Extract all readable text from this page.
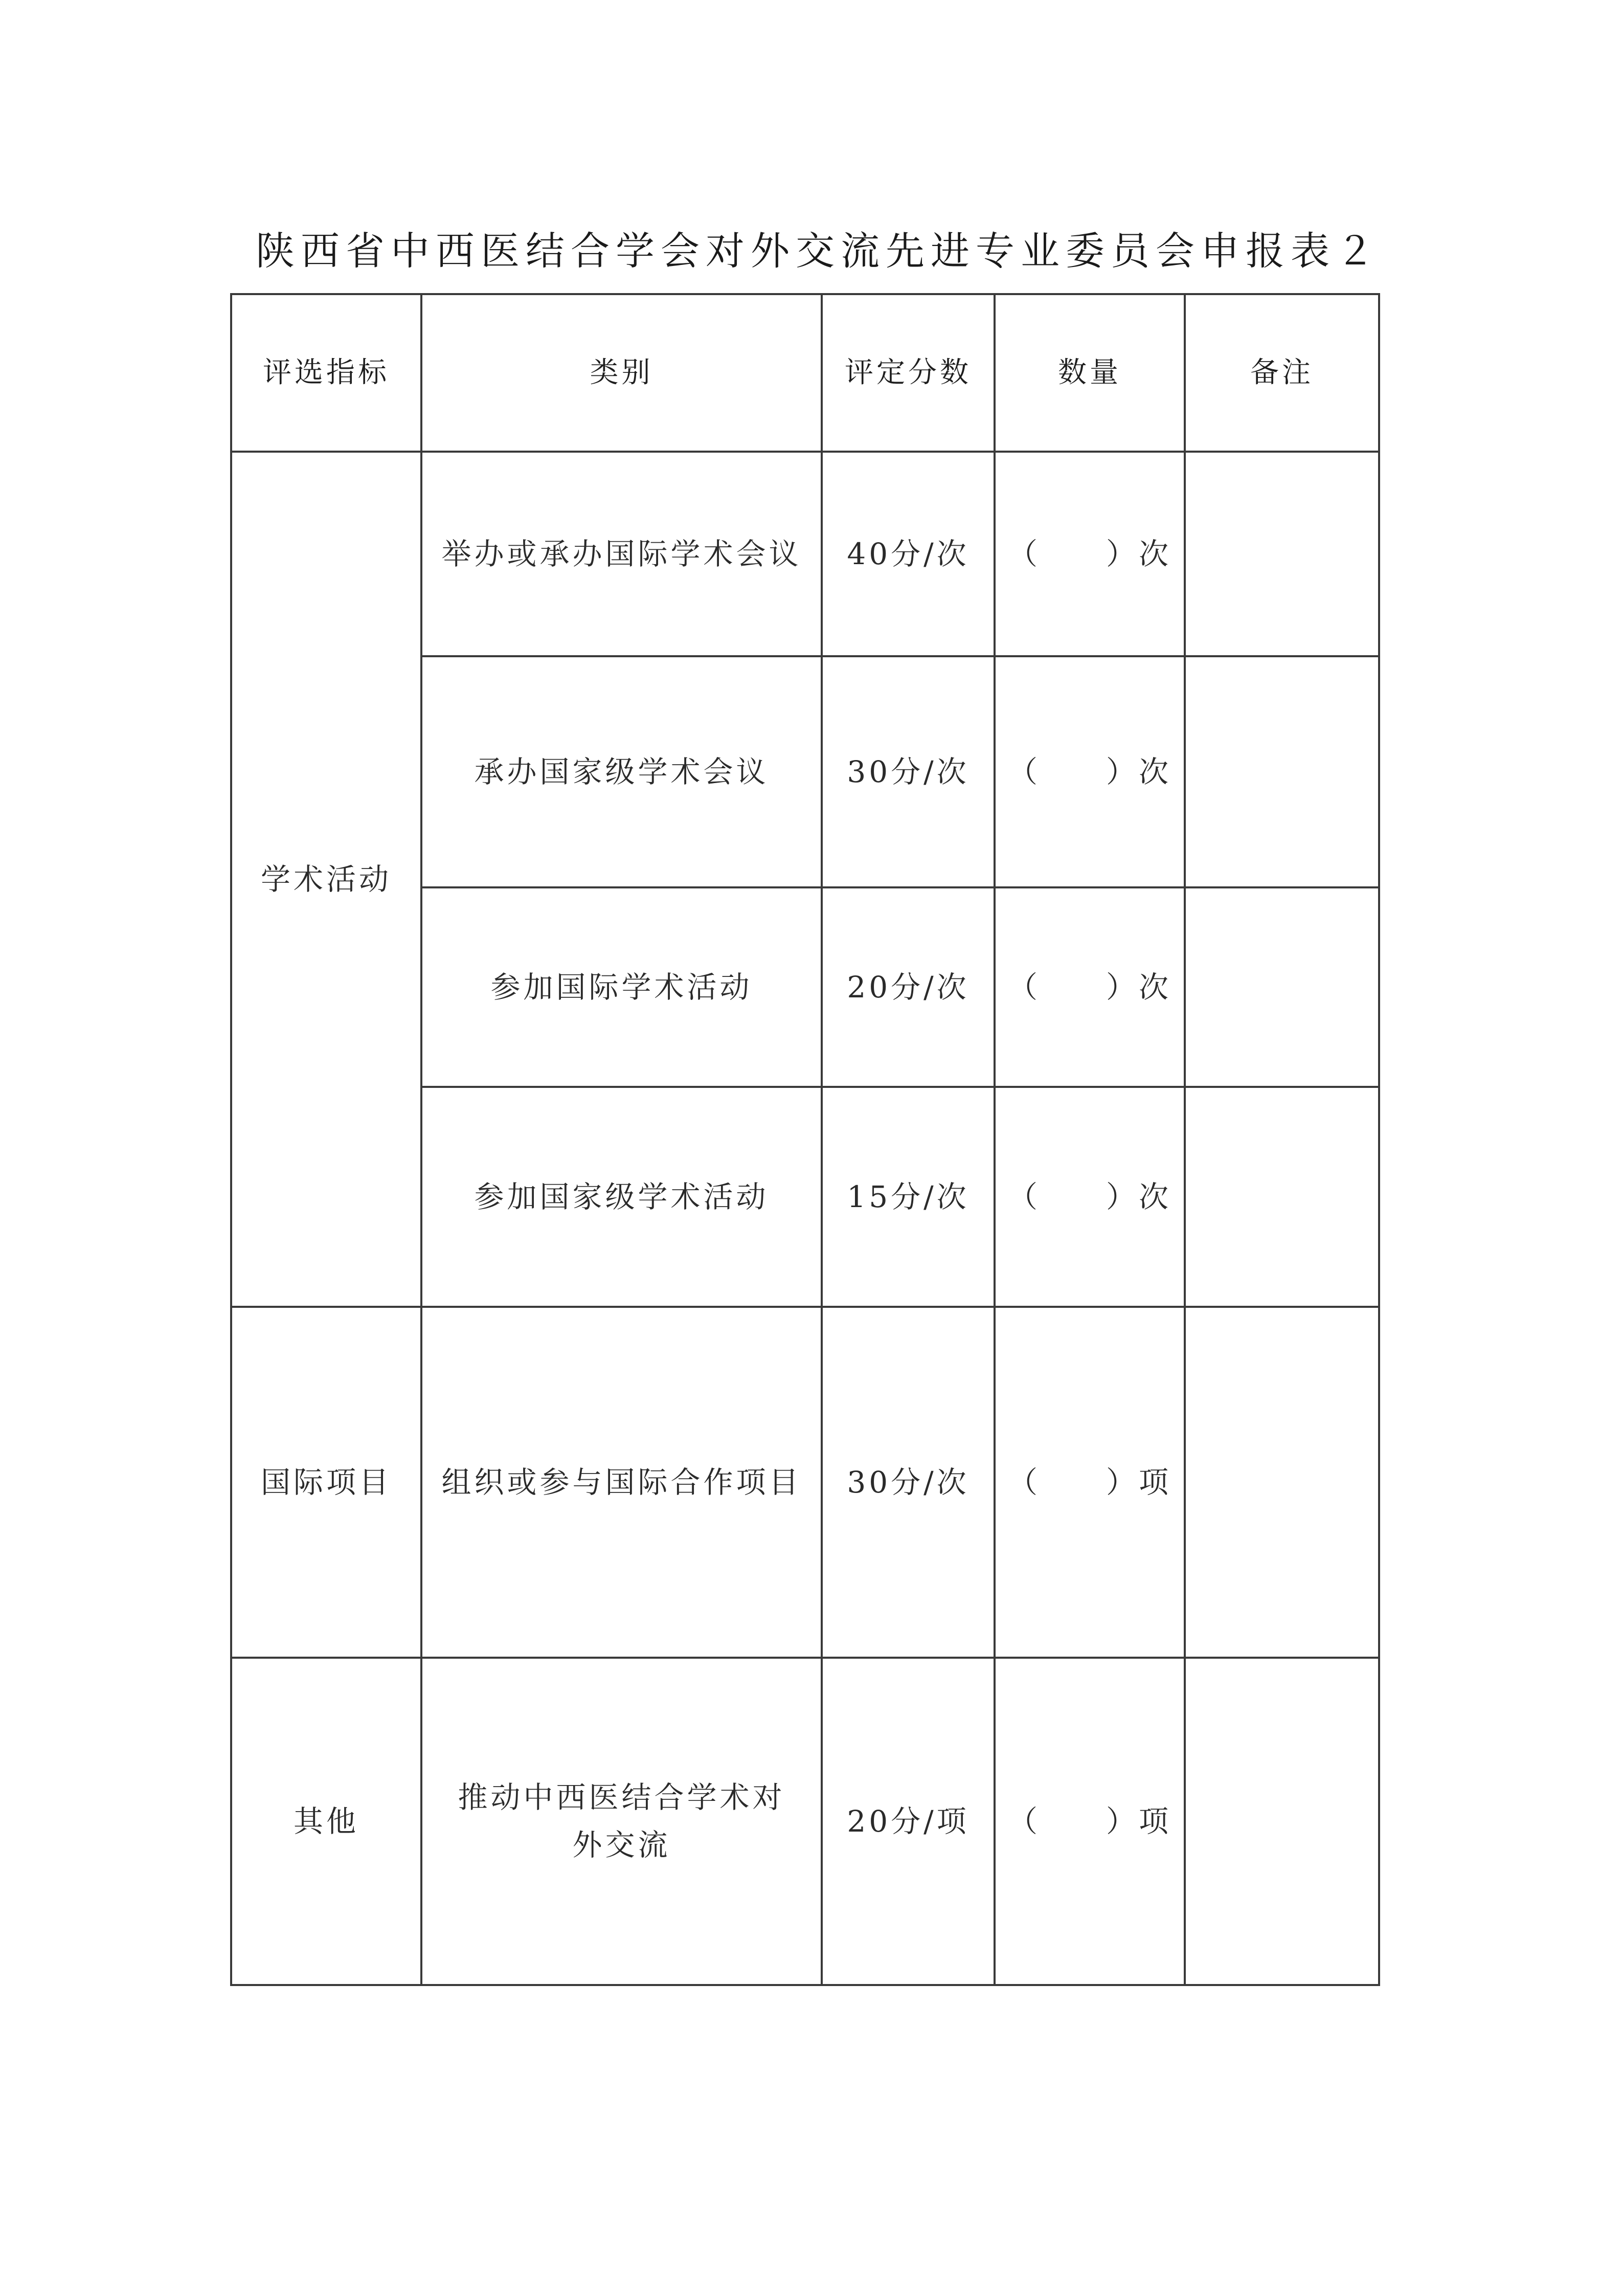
陕西省中西医结合学会对外交流先进专业委员会申报表２
评选指标	类别	评定分数	数量	备注
学术活动	举办或承办国际学术会议	40分/次	（　　）次	
	承办国家级学术会议	30分/次	（　　）次	
	参加国际学术活动	20分/次	（　　）次	
	参加国家级学术活动	15分/次	（　　）次	
国际项目	组织或参与国际合作项目	30分/次	（　　）项	
其他	推动中西医结合学术对外交流	20分/项	（　　）项	
